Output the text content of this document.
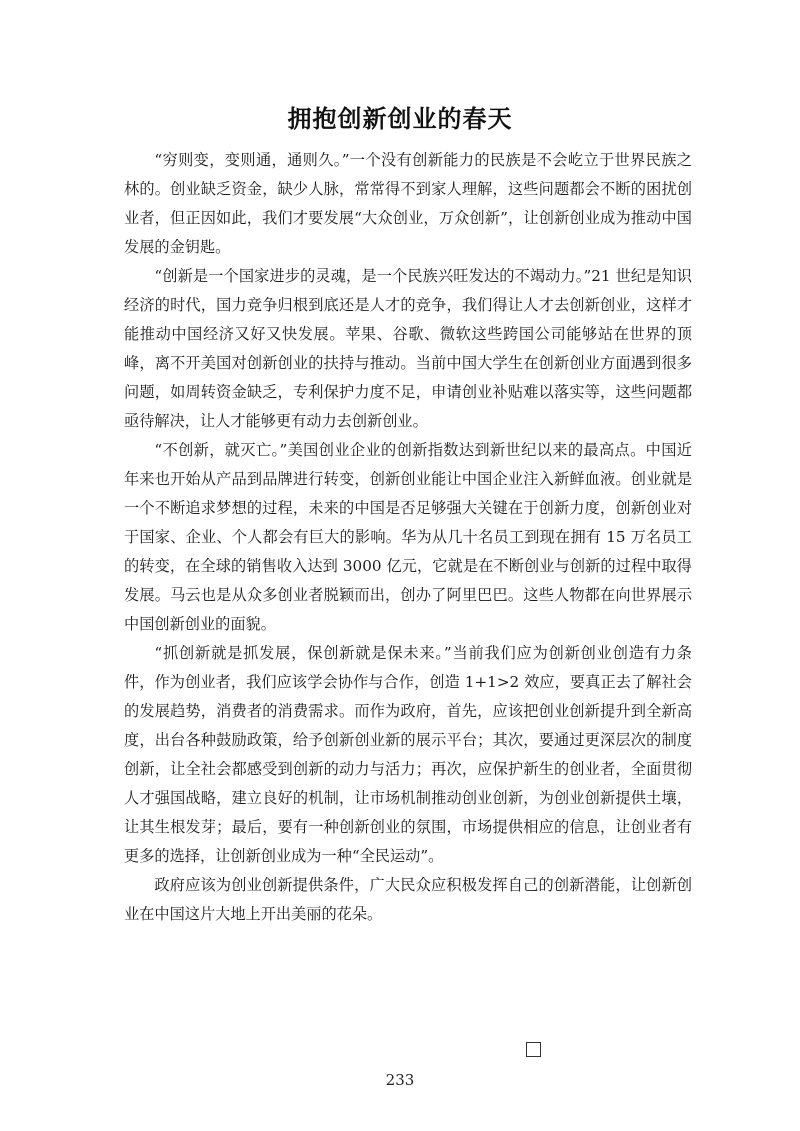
拥抱创新创业的春天

“穷则变，变则通，通则久。”一个没有创新能力的民族是不会屹立于世界民族之林的。创业缺乏资金，缺少人脉，常常得不到家人理解，这些问题都会不断的困扰创业者，但正因如此，我们才要发展“大众创业，万众创新”，让创新创业成为推动中国发展的金钥匙。

“创新是一个国家进步的灵魂，是一个民族兴旺发达的不竭动力。”21 世纪是知识经济的时代，国力竞争归根到底还是人才的竞争，我们得让人才去创新创业，这样才能推动中国经济又好又快发展。苹果、谷歌、微软这些跨国公司能够站在世界的顶峰，离不开美国对创新创业的扶持与推动。当前中国大学生在创新创业方面遇到很多问题，如周转资金缺乏，专利保护力度不足，申请创业补贴难以落实等，这些问题都亟待解决，让人才能够更有动力去创新创业。

“不创新，就灭亡。”美国创业企业的创新指数达到新世纪以来的最高点。中国近年来也开始从产品到品牌进行转变，创新创业能让中国企业注入新鲜血液。创业就是一个不断追求梦想的过程，未来的中国是否足够强大关键在于创新力度，创新创业对于国家、企业、个人都会有巨大的影响。华为从几十名员工到现在拥有 15 万名员工的转变，在全球的销售收入达到 3000 亿元，它就是在不断创业与创新的过程中取得发展。马云也是从众多创业者脱颖而出，创办了阿里巴巴。这些人物都在向世界展示中国创新创业的面貌。

“抓创新就是抓发展，保创新就是保未来。”当前我们应为创新创业创造有力条件，作为创业者，我们应该学会协作与合作，创造 1+1>2 效应，要真正去了解社会的发展趋势，消费者的消费需求。而作为政府，首先，应该把创业创新提升到全新高度，出台各种鼓励政策，给予创新创业新的展示平台；其次，要通过更深层次的制度创新，让全社会都感受到创新的动力与活力；再次，应保护新生的创业者，全面贯彻人才强国战略，建立良好的机制，让市场机制推动创业创新，为创业创新提供土壤，让其生根发芽；最后，要有一种创新创业的氛围，市场提供相应的信息，让创业者有更多的选择，让创新创业成为一种“全民运动”。

政府应该为创业创新提供条件，广大民众应积极发挥自己的创新潜能，让创新创业在中国这片大地上开出美丽的花朵。

233
